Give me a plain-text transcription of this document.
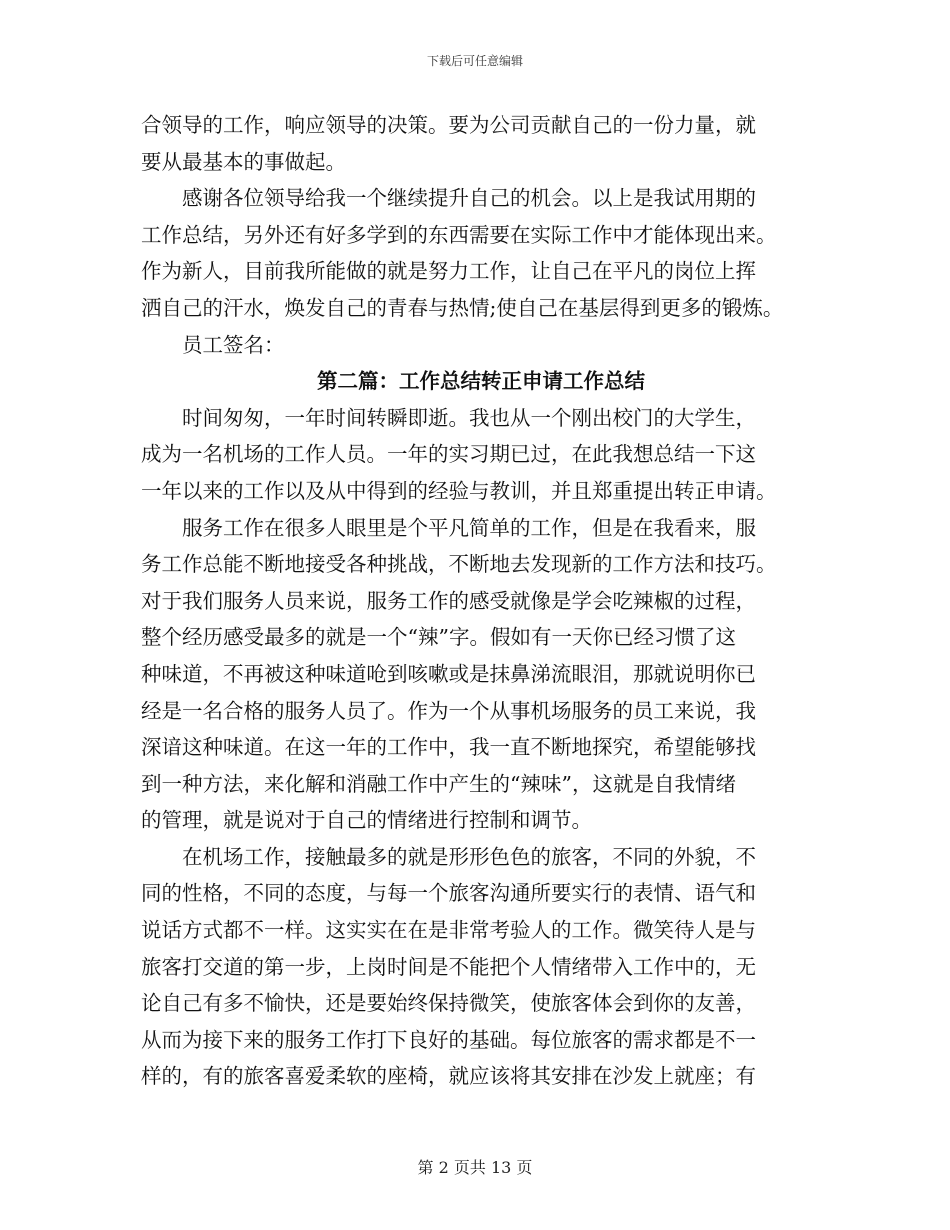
下载后可任意编辑
合领导的工作，响应领导的决策。要为公司贡献自己的一份力量，就
要从最基本的事做起。
感谢各位领导给我一个继续提升自己的机会。以上是我试用期的
工作总结，另外还有好多学到的东西需要在实际工作中才能体现出来。
作为新人，目前我所能做的就是努力工作，让自己在平凡的岗位上挥
洒自己的汗水，焕发自己的青春与热情;使自己在基层得到更多的锻炼。
员工签名：
第二篇：工作总结转正申请工作总结
时间匆匆，一年时间转瞬即逝。我也从一个刚出校门的大学生，
成为一名机场的工作人员。一年的实习期已过，在此我想总结一下这
一年以来的工作以及从中得到的经验与教训，并且郑重提出转正申请。
服务工作在很多人眼里是个平凡简单的工作，但是在我看来，服
务工作总能不断地接受各种挑战，不断地去发现新的工作方法和技巧。
对于我们服务人员来说，服务工作的感受就像是学会吃辣椒的过程，
整个经历感受最多的就是一个“辣”字。假如有一天你已经习惯了这
种味道，不再被这种味道呛到咳嗽或是抹鼻涕流眼泪，那就说明你已
经是一名合格的服务人员了。作为一个从事机场服务的员工来说，我
深谙这种味道。在这一年的工作中，我一直不断地探究，希望能够找
到一种方法，来化解和消融工作中产生的“辣味”，这就是自我情绪
的管理，就是说对于自己的情绪进行控制和调节。
在机场工作，接触最多的就是形形色色的旅客，不同的外貌，不
同的性格，不同的态度，与每一个旅客沟通所要实行的表情、语气和
说话方式都不一样。这实实在在是非常考验人的工作。微笑待人是与
旅客打交道的第一步，上岗时间是不能把个人情绪带入工作中的，无
论自己有多不愉快，还是要始终保持微笑，使旅客体会到你的友善，
从而为接下来的服务工作打下良好的基础。每位旅客的需求都是不一
样的，有的旅客喜爱柔软的座椅，就应该将其安排在沙发上就座；有
第 2 页共 13 页
